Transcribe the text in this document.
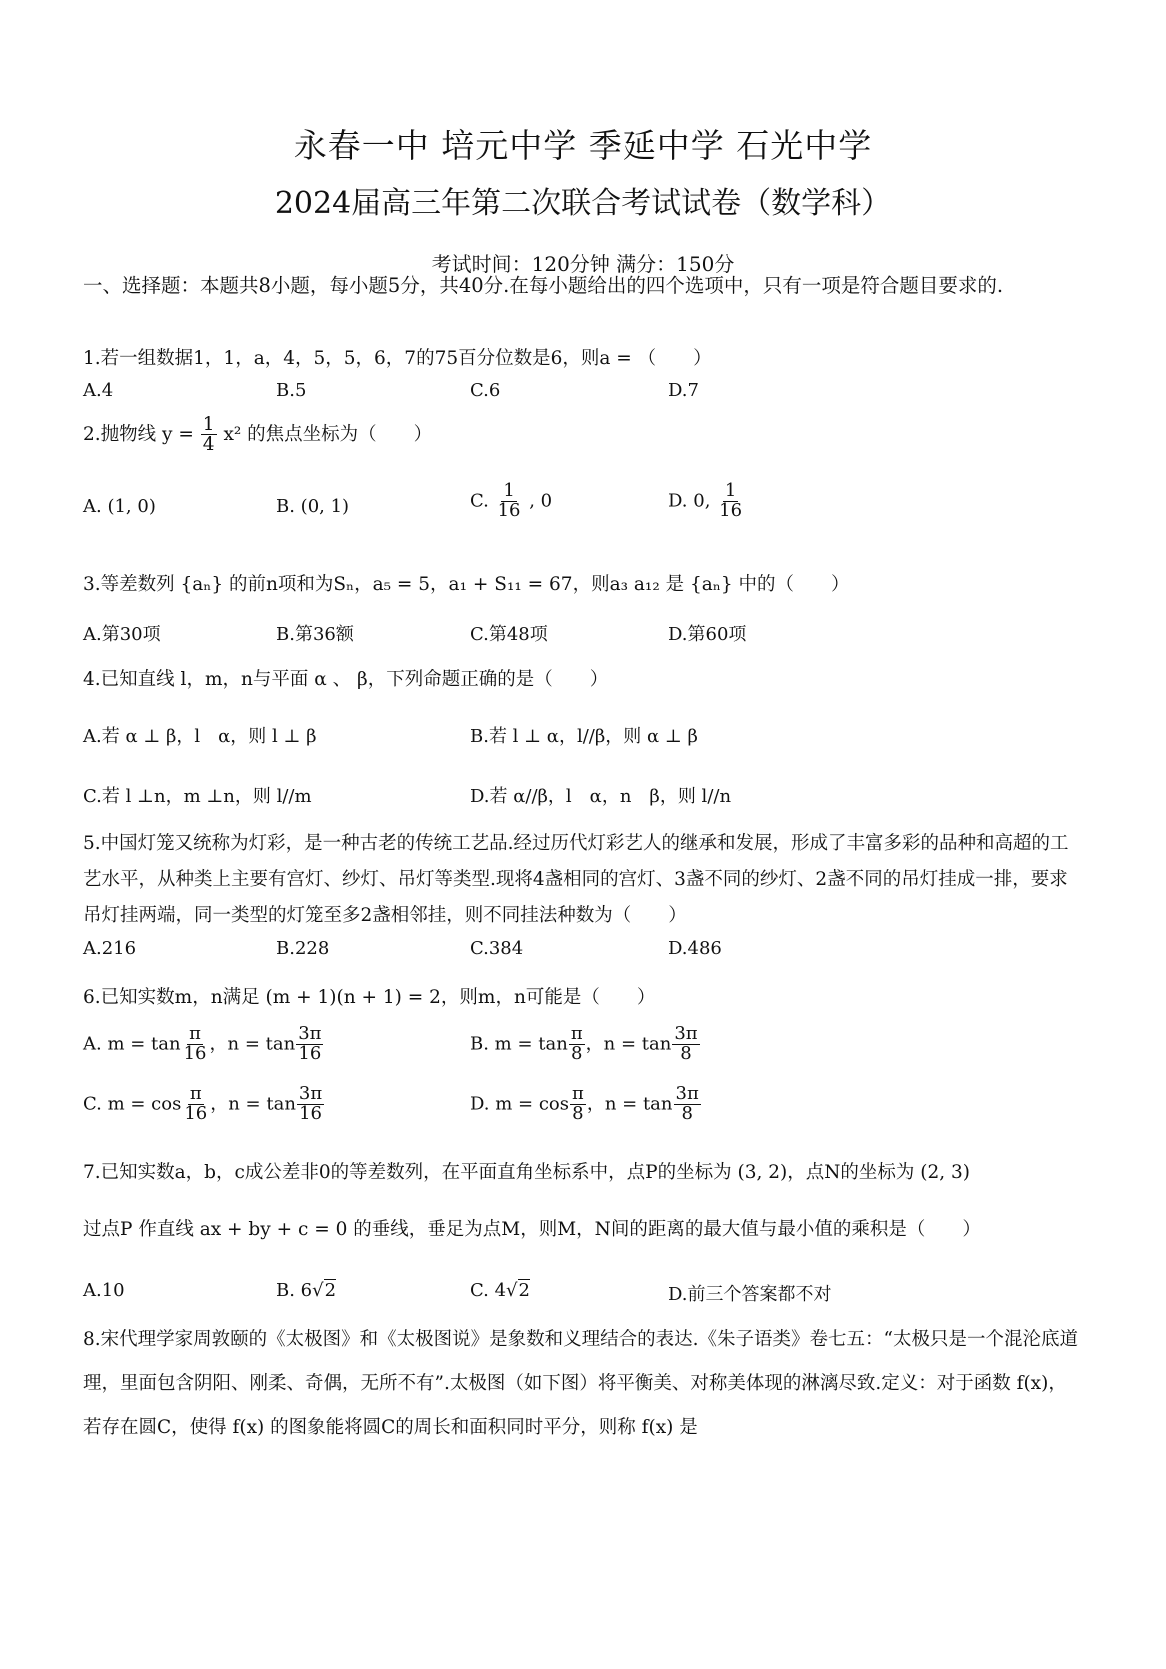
永春一中 培元中学 季延中学 石光中学
2024届高三年第二次联合考试试卷（数学科）
考试时间：120分钟 满分：150分
一、选择题：本题共8小题，每小题5分，共40分.在每小题给出的四个选项中，只有一项是符合题目要求的.
1.若一组数据1，1，a，4，5，5，6，7的75百分位数是6，则a = （　　）
A.4	B.5	C.6	D.7
2.抛物线 $y = \frac{1}{4} x^2$ 的焦点坐标为（　　）
A. (1, 0)	B. (0, 1)	C. $\frac{1}{16}$ , 0	D. 0, $\frac{1}{16}$
3.等差数列 {aₙ} 的前n项和为Sₙ，a₅ = 5，a₁ + S₁₁ = 67，则a₃ a₁₂ 是 {aₙ} 中的（　　）
A.第30项	B.第36额	C.第48项	D.第60项
4.已知直线 l，m，n与平面 α 、 β，下列命题正确的是（　　）
A.若 α ⊥ β，l　α，则 l ⊥ β	B.若 l ⊥ α，l//β，则 α ⊥ β
C.若 l ⊥n，m ⊥n，则 l//m	D.若 α//β，l　α，n　β，则 l//n
5.中国灯笼又统称为灯彩，是一种古老的传统工艺品.经过历代灯彩艺人的继承和发展，形成了丰富多彩的品种和高超的工艺水平，从种类上主要有宫灯、纱灯、吊灯等类型.现将4盏相同的宫灯、3盏不同的纱灯、2盏不同的吊灯挂成一排，要求吊灯挂两端，同一类型的灯笼至多2盏相邻挂，则不同挂法种数为（　　）
A.216	B.228	C.384	D.486
6.已知实数m，n满足 (m + 1)(n + 1) = 2，则m，n可能是（　　）
A. $m = \tan \frac{\pi}{16}$ ，$n = \tan \frac{3\pi}{16}$	B. $m = \tan \frac{\pi}{8}$ ，$n = \tan \frac{3\pi}{8}$
C. $m = \cos \frac{\pi}{16}$ ，$n = \tan \frac{3\pi}{16}$	D. $m = \cos \frac{\pi}{8}$ ，$n = \tan \frac{3\pi}{8}$
7.已知实数a，b，c成公差非0的等差数列，在平面直角坐标系中，点P的坐标为 (3, 2)，点N的坐标为 (2, 3)
过点P 作直线 ax + by + c = 0 的垂线，垂足为点M，则M，N间的距离的最大值与最小值的乘积是（　　）
A.10	B. 6√2	C. 4√2	D.前三个答案都不对
8.宋代理学家周敦颐的《太极图》和《太极图说》是象数和义理结合的表达.《朱子语类》卷七五：“太极只是一个混沦底道理，里面包含阴阳、刚柔、奇偶，无所不有”.太极图（如下图）将平衡美、对称美体现的淋漓尽致.定义：对于函数 f(x)，若存在圆C，使得 f(x) 的图象能将圆C的周长和面积同时平分，则称 f(x) 是
